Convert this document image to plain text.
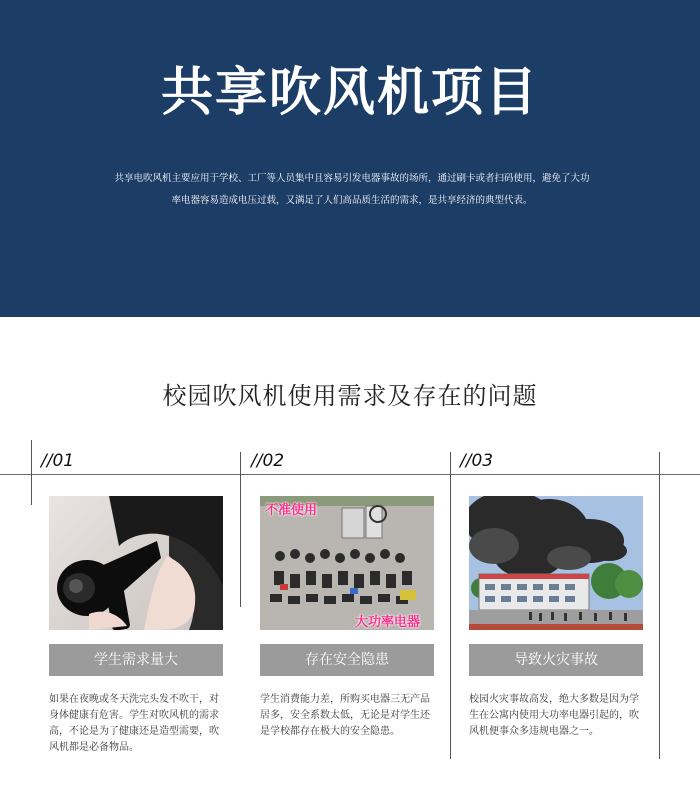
共享吹风机项目

共享电吹风机主要应用于学校、工厂等人员集中且容易引发电器事故的场所，通过刷卡或者扫码使用，避免了大功率电器容易造成电压过载，又满足了人们高品质生活的需求，是共享经济的典型代表。

校园吹风机使用需求及存在的问题
//01	//02	//03
不准使用
大功率电器
学生需求量大	存在安全隐患	导致火灾事故

如果在夜晚或冬天洗完头发不吹干，对身体健康有危害。学生对吹风机的需求高，不论是为了健康还是造型需要，吹风机都是必备物品。

学生消费能力差，所购买电器三无产品居多，安全系数太低，无论是对学生还是学校都存在极大的安全隐患。

校园火灾事故高发，绝大多数是因为学生在公寓内使用大功率电器引起的，吹风机便事众多违规电器之一。
